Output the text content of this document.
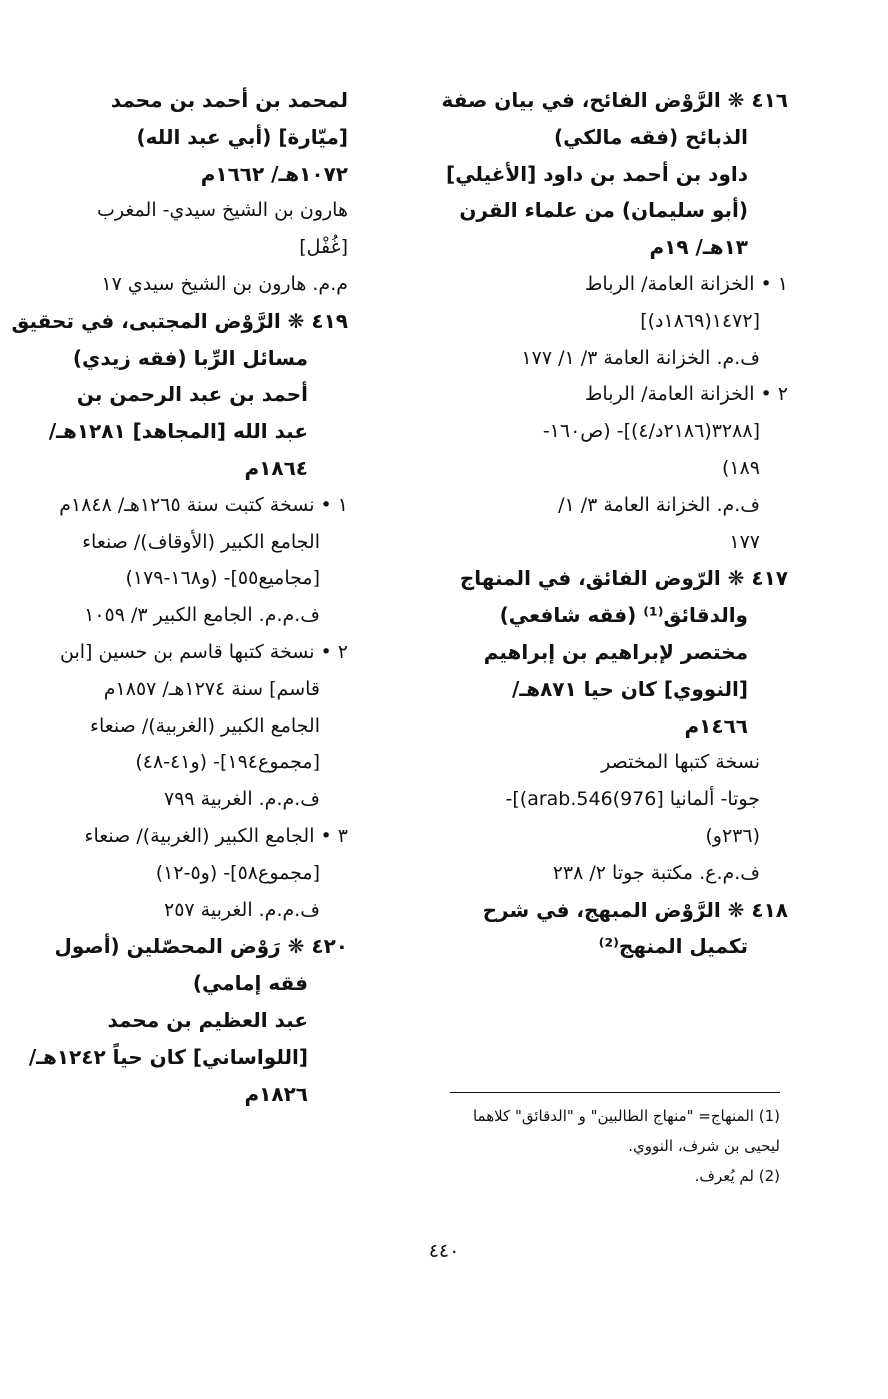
٤١٦ ❋ الرَّوْض الفائح، في بيان صفة
الذبائح (فقه مالكي)
داود بن أحمد بن داود [الأغيلي]
(أبو سليمان) من علماء القرن
١٣هـ/ ١٩م
١ • الخزانة العامة/ الرباط
[١٤٧٢(١٨٦٩د)]
ف.م. الخزانة العامة ٣/ ١/ ١٧٧
٢ • الخزانة العامة/ الرباط
[٣٢٨٨(٢١٨٦د/٤)]- (ص١٦٠-
١٨٩)
ف.م. الخزانة العامة ٣/ ١/
١٧٧
٤١٧ ❋ الرّوض الفائق، في المنهاج
والدقائق⁽¹⁾ (فقه شافعي)
مختصر لإبراهيم بن إبراهيم
[النووي] كان حيا ٨٧١هـ/
١٤٦٦م
نسخة كتبها المختصر
جوتا- ألمانيا [976)arab.546)]-
(٢٣٦و)
ف.م.ع. مكتبة جوتا ٢/ ٢٣٨
٤١٨ ❋ الرَّوْض المبهج، في شرح
تكميل المنهج⁽²⁾
لمحمد بن أحمد بن محمد
[ميّارة] (أبي عبد الله)
١٠٧٢هـ/ ١٦٦٢م
هارون بن الشيخ سيدي- المغرب
[غُفْل]
م.م. هارون بن الشيخ سيدي ١٧
٤١٩ ❋ الرَّوْض المجتبى، في تحقيق
مسائل الرِّبا (فقه زيدي)
أحمد بن عبد الرحمن بن
عبد الله [المجاهد] ١٢٨١هـ/
١٨٦٤م
١ • نسخة كتبت سنة ١٢٦٥هـ/ ١٨٤٨م
الجامع الكبير (الأوقاف)/ صنعاء
[مجاميع٥٥]- (و١٦٨-١٧٩)
ف.م.م. الجامع الكبير ٣/ ١٠٥٩
٢ • نسخة كتبها قاسم بن حسين [ابن
قاسم] سنة ١٢٧٤هـ/ ١٨٥٧م
الجامع الكبير (الغربية)/ صنعاء
[مجموع١٩٤]- (و٤١-٤٨)
ف.م.م. الغربية ٧٩٩
٣ • الجامع الكبير (الغربية)/ صنعاء
[مجموع٥٨]- (و٥-١٢)
ف.م.م. الغربية ٢٥٧
٤٢٠ ❋ رَوْض المحصّلين (أصول
فقه إمامي)
عبد العظيم بن محمد
[اللواساني] كان حياً ١٢٤٢هـ/
١٨٢٦م
(1) المنهاج= "منهاج الطالبين" و "الدقائق" كلاهما
ليحيى بن شرف، النووي.
(2) لم يُعرف.
٤٤٠
